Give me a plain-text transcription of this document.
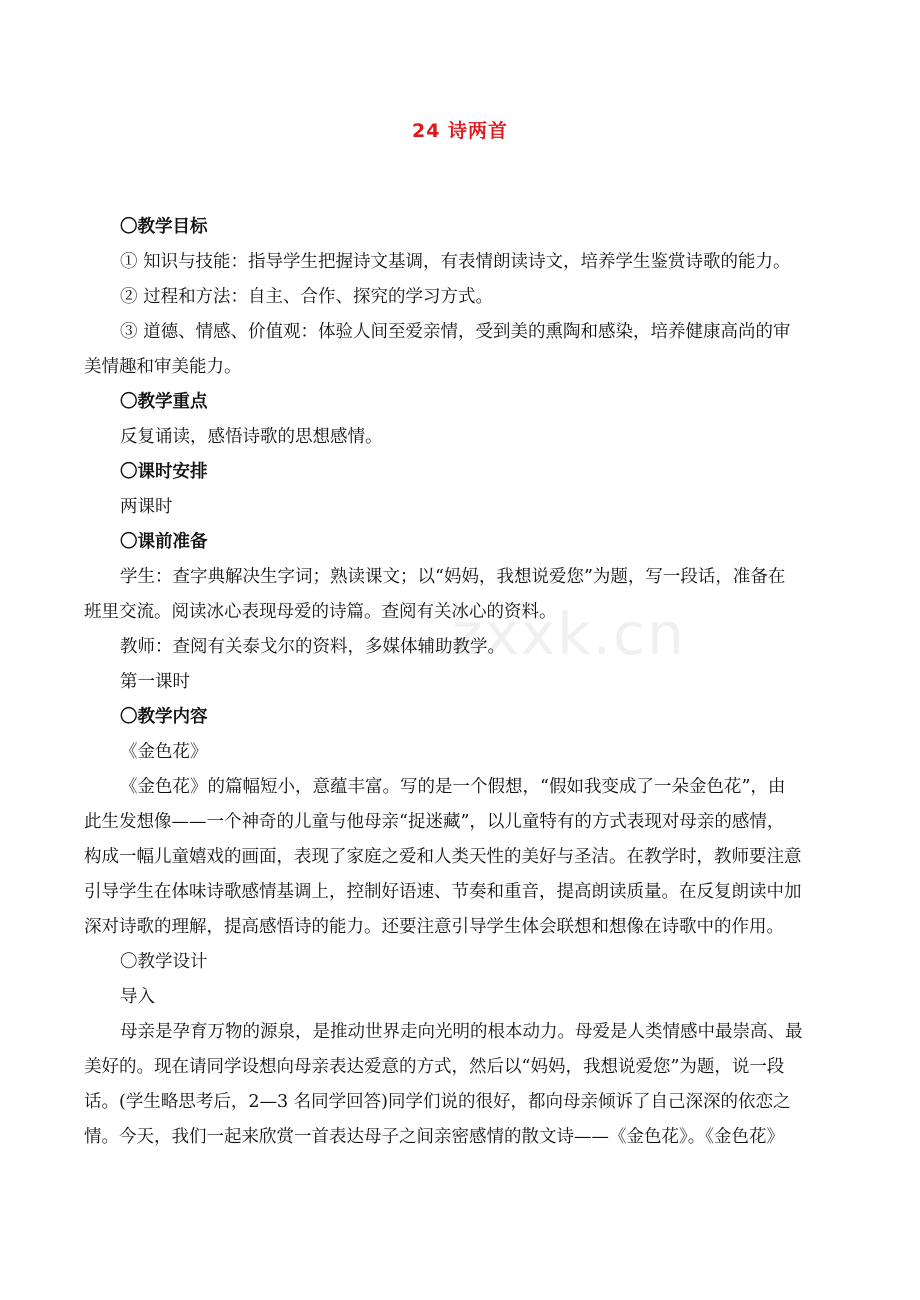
zxxk.cn
24 诗两首
〇教学目标
① 知识与技能：指导学生把握诗文基调，有表情朗读诗文，培养学生鉴赏诗歌的能力。
② 过程和方法：自主、合作、探究的学习方式。
③ 道德、情感、价值观：体验人间至爱亲情，受到美的熏陶和感染，培养健康高尚的审
美情趣和审美能力。
〇教学重点
反复诵读，感悟诗歌的思想感情。
〇课时安排
两课时
〇课前准备
学生：查字典解决生字词；熟读课文；以“妈妈，我想说爱您”为题，写一段话，准备在
班里交流。阅读冰心表现母爱的诗篇。查阅有关冰心的资料。
教师：查阅有关泰戈尔的资料，多媒体辅助教学。
第一课时
〇教学内容
《金色花》
《金色花》的篇幅短小，意蕴丰富。写的是一个假想，“假如我变成了一朵金色花”，由
此生发想像——一个神奇的儿童与他母亲“捉迷藏”，以儿童特有的方式表现对母亲的感情，
构成一幅儿童嬉戏的画面，表现了家庭之爱和人类天性的美好与圣洁。在教学时，教师要注意
引导学生在体味诗歌感情基调上，控制好语速、节奏和重音，提高朗读质量。在反复朗读中加
深对诗歌的理解，提高感悟诗的能力。还要注意引导学生体会联想和想像在诗歌中的作用。
〇教学设计
导入
母亲是孕育万物的源泉，是推动世界走向光明的根本动力。母爱是人类情感中最崇高、最
美好的。现在请同学设想向母亲表达爱意的方式，然后以“妈妈，我想说爱您”为题，说一段
话。(学生略思考后，2—3 名同学回答)同学们说的很好，都向母亲倾诉了自己深深的依恋之
情。今天，我们一起来欣赏一首表达母子之间亲密感情的散文诗——《金色花》。《金色花》
